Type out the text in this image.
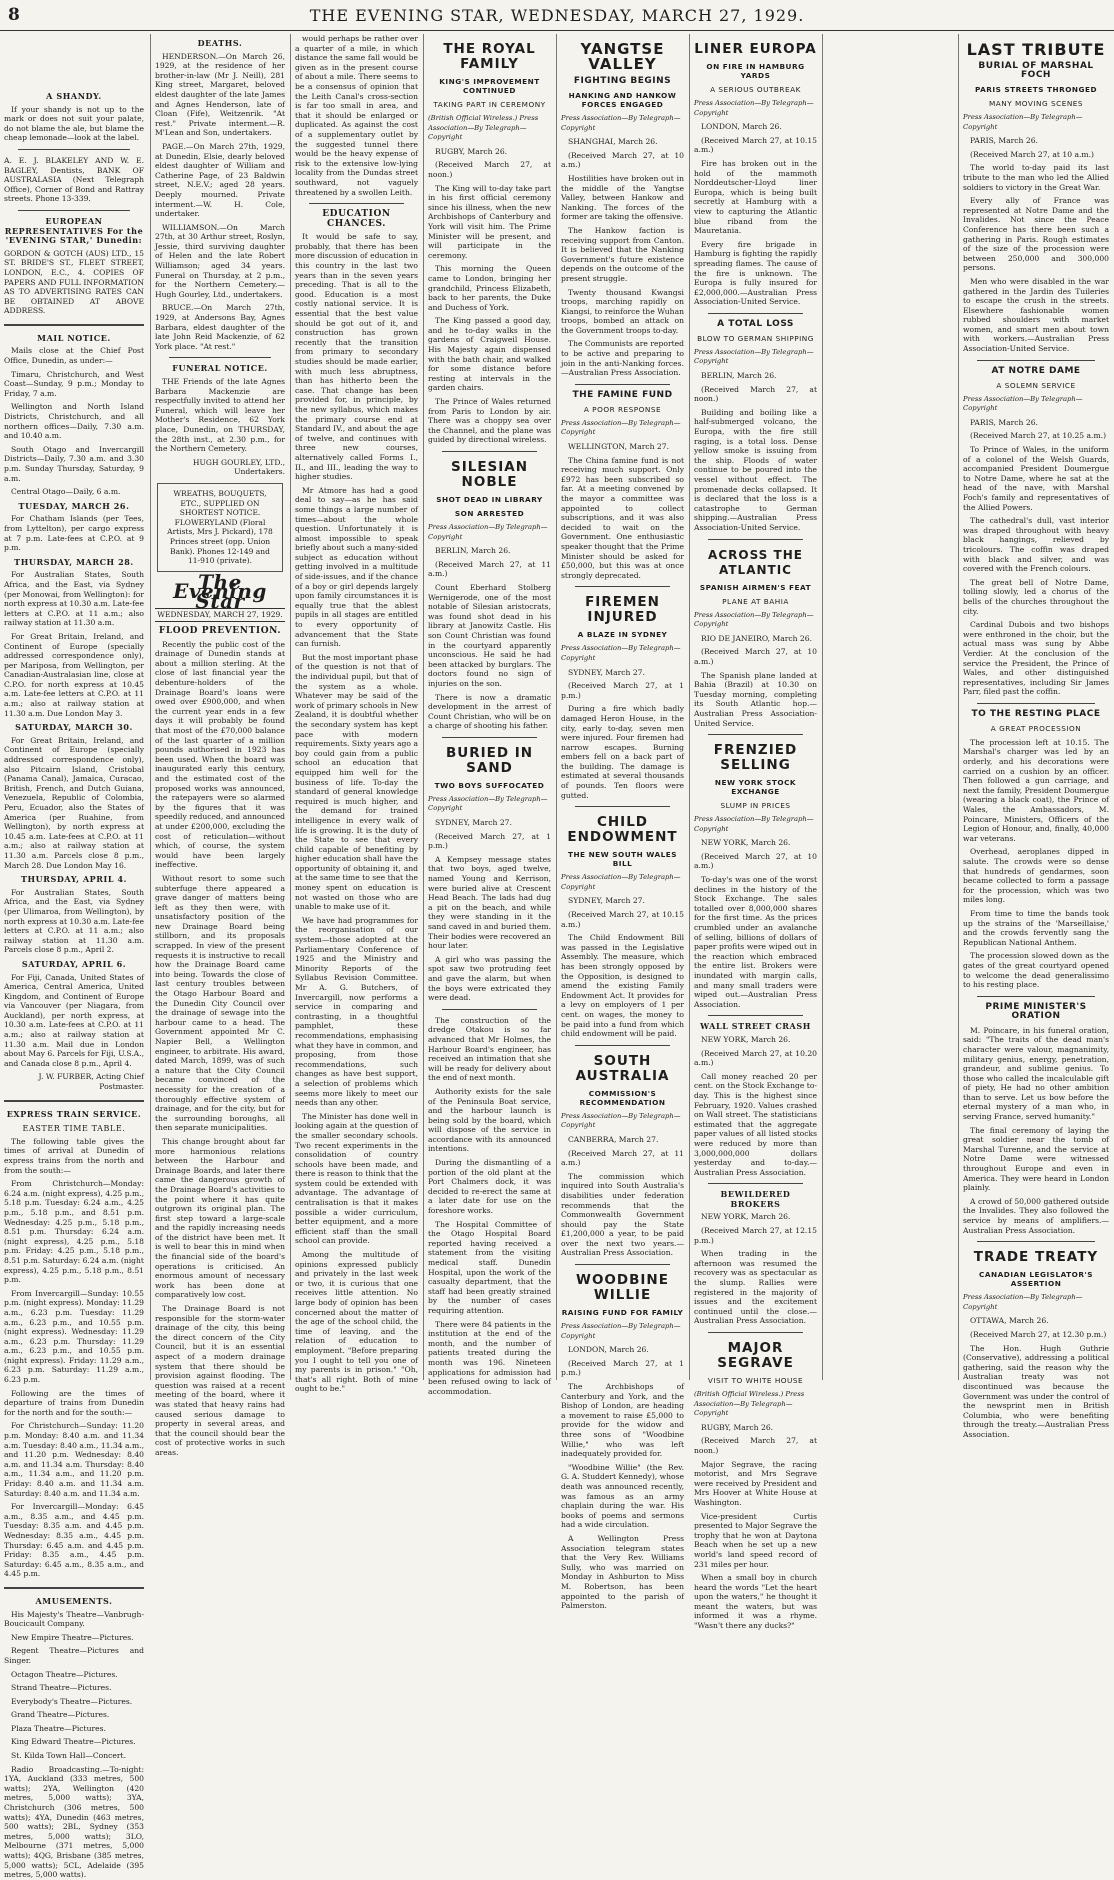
8	THE EVENING STAR, WEDNESDAY, MARCH 27, 1929.
A SHANDY.

If your shandy is not up to the mark or does not suit your palate, do not blame the ale, but blame the cheap lemonade—look at the label.

A. E. J. BLAKELEY AND W. E. BAGLEY, Dentists, BANK OF AUSTRALASIA (Next Telegraph Office), Corner of Bond and Rattray streets. Phone 13-339.

EUROPEAN REPRESENTATIVES For the 'EVENING STAR,' Dunedin:

GORDON & GOTCH (AUS) LTD., 15 ST. BRIDE'S ST., FLEET STREET, LONDON, E.C., 4. COPIES OF PAPERS AND FULL INFORMATION AS TO ADVERTISING RATES CAN BE OBTAINED AT ABOVE ADDRESS.

MAIL NOTICE.

Mails close at the Chief Post Office, Dunedin, as under:—

Timaru, Christchurch, and West Coast—Sunday, 9 p.m.; Monday to Friday, 7 a.m.

Wellington and North Island Districts, Christchurch, and all northern offices—Daily, 7.30 a.m. and 10.40 a.m.

South Otago and Invercargill Districts—Daily, 7.30 a.m. and 3.30 p.m. Sunday Thursday, Saturday, 9 a.m.

Central Otago—Daily, 6 a.m.

TUESDAY, MARCH 26.

For Chatham Islands (per Tees, from Lyttelton), per cargo express at 7 p.m. Late-fees at C.P.O. at 9 p.m.

THURSDAY, MARCH 28.

For Australian States, South Africa, and the East, via Sydney (per Monowai, from Wellington): for north express at 10.30 a.m. Late-fee letters at C.P.O. at 11 a.m.; also railway station at 11.30 a.m.

For Great Britain, Ireland, and Continent of Europe (specially addressed correspondence only), per Mariposa, from Wellington, per Canadian-Australasian line, close at C.P.O. for north express at 10.45 a.m. Late-fee letters at C.P.O. at 11 a.m.; also at railway station at 11.30 a.m. Due London May 3.

SATURDAY, MARCH 30.

For Great Britain, Ireland, and Continent of Europe (specially addressed correspondence only), also Pitcairn Island, Cristobal (Panama Canal), Jamaica, Curacao, British, French, and Dutch Guiana, Venezuela, Republic of Colombia, Peru, Ecuador, also the States of America (per Ruahine, from Wellington), by north express at 10.45 a.m. Late-fees at C.P.O. at 11 a.m.; also at railway station at 11.30 a.m. Parcels close 8 p.m., March 28. Due London May 16.

THURSDAY, APRIL 4.

For Australian States, South Africa, and the East, via Sydney (per Ulimaroa, from Wellington), by north express at 10.30 a.m. Late-fee letters at C.P.O. at 11 a.m.; also railway station at 11.30 a.m. Parcels close 8 p.m., April 2.

SATURDAY, APRIL 6.

For Fiji, Canada, United States of America, Central America, United Kingdom, and Continent of Europe via Vancouver (per Niagara, from Auckland), per north express, at 10.30 a.m. Late-fees at C.P.O. at 11 a.m.; also at railway station at 11.30 a.m. Mail due in London about May 6. Parcels for Fiji, U.S.A., and Canada close 8 p.m., April 4.

J. W. FURBER, Acting Chief Postmaster.

EXPRESS TRAIN SERVICE.
EASTER TIME TABLE.

The following table gives the times of arrival at Dunedin of express trains from the north and from the south:—

From Christchurch—Monday: 6.24 a.m. (night express), 4.25 p.m., 5.18 p.m. Tuesday: 6.24 a.m., 4.25 p.m., 5.18 p.m., and 8.51 p.m. Wednesday: 4.25 p.m., 5.18 p.m., 8.51 p.m. Thursday: 6.24 a.m. (night express), 4.25 p.m., 5.18 p.m. Friday: 4.25 p.m., 5.18 p.m., 8.51 p.m. Saturday: 6.24 a.m. (night express), 4.25 p.m., 5.18 p.m., 8.51 p.m.

From Invercargill—Sunday: 10.55 p.m. (night express). Monday: 11.29 a.m., 6.23 p.m. Tuesday: 11.29 a.m., 6.23 p.m., and 10.55 p.m. (night express). Wednesday: 11.29 a.m., 6.23 p.m. Thursday: 11.29 a.m., 6.23 p.m., and 10.55 p.m. (night express). Friday: 11.29 a.m., 6.23 p.m. Saturday: 11.29 a.m., 6.23 p.m.

Following are the times of departure of trains from Dunedin for the north and for the south:—

For Christchurch—Sunday: 11.20 p.m. Monday: 8.40 a.m. and 11.34 a.m. Tuesday: 8.40 a.m., 11.34 a.m., and 11.20 p.m. Wednesday: 8.40 a.m. and 11.34 a.m. Thursday: 8.40 a.m., 11.34 a.m., and 11.20 p.m. Friday: 8.40 a.m. and 11.34 a.m. Saturday: 8.40 a.m. and 11.34 a.m.

For Invercargill—Monday: 6.45 a.m., 8.35 a.m., and 4.45 p.m. Tuesday: 8.35 a.m. and 4.45 p.m. Wednesday: 8.35 a.m., 4.45 p.m. Thursday: 6.45 a.m. and 4.45 p.m. Friday: 8.35 a.m., 4.45 p.m. Saturday: 6.45 a.m., 8.35 a.m., and 4.45 p.m.

AMUSEMENTS.

His Majesty's Theatre—Vanbrugh-Boucicault Company.

New Empire Theatre—Pictures.

Regent Theatre—Pictures and Singer.

Octagon Theatre—Pictures.

Strand Theatre—Pictures.

Everybody's Theatre—Pictures.

Grand Theatre—Pictures.

Plaza Theatre—Pictures.

King Edward Theatre—Pictures.

St. Kilda Town Hall—Concert.

Radio Broadcasting.—To-night: 1YA, Auckland (333 metres, 500 watts); 2YA, Wellington (420 metres, 5,000 watts); 3YA, Christchurch (306 metres, 500 watts); 4YA, Dunedin (463 metres, 500 watts); 2BL, Sydney (353 metres, 5,000 watts); 3LO, Melbourne (371 metres, 5,000 watts); 4QG, Brisbane (385 metres, 5,000 watts); 5CL, Adelaide (395 metres, 5,000 watts).

DEATHS.

HENDERSON.—On March 26, 1929, at the residence of her brother-in-law (Mr J. Neill), 281 King street, Margaret, beloved eldest daughter of the late James and Agnes Henderson, late of Cloan (Fife), Weitzenrik. "At rest." Private interment.—R. M'Lean and Son, undertakers.

PAGE.—On March 27th, 1929, at Dunedin, Elsie, dearly beloved eldest daughter of William and Catherine Page, of 23 Baldwin street, N.E.V.; aged 28 years. Deeply mourned. Private interment.—W. H. Cole, undertaker.

WILLIAMSON.—On March 27th, at 30 Arthur street, Roslyn, Jessie, third surviving daughter of Helen and the late Robert Williamson; aged 34 years. Funeral on Thursday, at 2 p.m., for the Northern Cemetery.—Hugh Gourley, Ltd., undertakers.

BRUCE.—On March 27th, 1929, at Andersons Bay, Agnes Barbara, eldest daughter of the late John Reid Mackenzie, of 62 York place. "At rest."

FUNERAL NOTICE.

THE Friends of the late Agnes Barbara Mackenzie are respectfully invited to attend her Funeral, which will leave her Mother's Residence, 62 York place, Dunedin, on THURSDAY, the 28th inst., at 2.30 p.m., for the Northern Cemetery.

HUGH GOURLEY, LTD., Undertakers.

WREATHS, BOUQUETS, ETC., SUPPLIED ON SHORTEST NOTICE. FLOWERYLAND (Floral Artists, Mrs J. Pickard), 178 Princes street (opp. Union Bank). Phones 12-149 and 11-910 (private).
The Evening Star
WEDNESDAY, MARCH 27, 1929.
FLOOD PREVENTION.

Recently the public cost of the drainage of Dunedin stands at about a million sterling. At the close of last financial year the debenture-holders of the Drainage Board's loans were owed over £900,000, and when the current year ends in a few days it will probably be found that most of the £70,000 balance of the last quarter of a million pounds authorised in 1923 has been used. When the board was inaugurated early this century, and the estimated cost of the proposed works was announced, the ratepayers were so alarmed by the figures that it was speedily reduced, and announced at under £200,000, excluding the cost of reticulation—without which, of course, the system would have been largely ineffective.

Without resort to some such subterfuge there appeared a grave danger of matters being left as they then were, with unsatisfactory position of the new Drainage Board being stillborn, and its proposals scrapped. In view of the present requests it is instructive to recall how the Drainage Board came into being. Towards the close of last century troubles between the Otago Harbour Board and the Dunedin City Council over the drainage of sewage into the harbour came to a head. The Government appointed Mr C. Napier Bell, a Wellington engineer, to arbitrate. His award, dated March, 1899, was of such a nature that the City Council became convinced of the necessity for the creation of a thoroughly effective system of drainage, and for the city, but for the surrounding boroughs, all then separate municipalities.

This change brought about far more harmonious relations between the Harbour and Drainage Boards, and later there came the dangerous growth of the Drainage Board's activities to the point where it has quite outgrown its original plan. The first step toward a large-scale and the rapidly increasing needs of the district have been met. It is well to bear this in mind when the financial side of the board's operations is criticised. An enormous amount of necessary work has been done at comparatively low cost.

The Drainage Board is not responsible for the storm-water drainage of the city, this being the direct concern of the City Council, but it is an essential aspect of a modern drainage system that there should be provision against flooding. The question was raised at a recent meeting of the board, where it was stated that heavy rains had caused serious damage to property in several areas, and that the council should bear the cost of protective works in such areas.

would perhaps be rather over a quarter of a mile, in which distance the same fall would be given as in the present course of about a mile. There seems to be a consensus of opinion that the Leith Canal's cross-section is far too small in area, and that it should be enlarged or duplicated. As against the cost of a supplementary outlet by the suggested tunnel there would be the heavy expense of risk to the extensive low-lying locality from the Dundas street southward, not vaguely threatened by a swollen Leith.

EDUCATION CHANCES.

It would be safe to say, probably, that there has been more discussion of education in this country in the last two years than in the seven years preceding. That is all to the good. Education is a most costly national service. It is essential that the best value should be got out of it, and construction has grown recently that the transition from primary to secondary studies should be made earlier, with much less abruptness, than has hitherto been the case. That change has been provided for, in principle, by the new syllabus, which makes the primary course end at Standard IV., and about the age of twelve, and continues with three new courses, alternatively called Forms I., II., and III., leading the way to higher studies.

Mr Atmore has had a good deal to say—as he has said some things a large number of times—about the whole question. Unfortunately it is almost impossible to speak briefly about such a many-sided subject as education without getting involved in a multitude of side-issues, and if the chance of a boy or girl depends largely upon family circumstances it is equally true that the ablest pupils in all stages are entitled to every opportunity of advancement that the State can furnish.

But the most important phase of the question is not that of the individual pupil, but that of the system as a whole. Whatever may be said of the work of primary schools in New Zealand, it is doubtful whether the secondary system has kept pace with modern requirements. Sixty years ago a boy could gain from a public school an education that equipped him well for the business of life. To-day the standard of general knowledge required is much higher, and the demand for trained intelligence in every walk of life is growing. It is the duty of the State to see that every child capable of benefiting by higher education shall have the opportunity of obtaining it, and at the same time to see that the money spent on education is not wasted on those who are unable to make use of it.

We have had programmes for the reorganisation of our system—those adopted at the Parliamentary Conference of 1925 and the Ministry and Minority Reports of the Syllabus Revision Committee. Mr A. G. Butchers, of Invercargill, now performs a service in comparing and contrasting, in a thoughtful pamphlet, these recommendations, emphasising what they have in common, and proposing, from those recommendations, such changes as have best support, a selection of problems which seems more likely to meet our needs than any other.

The Minister has done well in looking again at the question of the smaller secondary schools. Two recent experiments in the consolidation of country schools have been made, and there is reason to think that the system could be extended with advantage. The advantage of centralisation is that it makes possible a wider curriculum, better equipment, and a more efficient staff than the small school can provide.

Among the multitude of opinions expressed publicly and privately in the last week or two, it is curious that one receives little attention. No large body of opinion has been concerned about the matter of the age of the school child, the time of leaving, and the relation of education to employment. "Before preparing you I ought to tell you one of my parents is in prison." "Oh, that's all right. Both of mine ought to be."

THE ROYAL FAMILY
KING'S IMPROVEMENT CONTINUED
TAKING PART IN CEREMONY
(British Official Wireless.) Press Association—By Telegraph—Copyright

RUGBY, March 26.

(Received March 27, at noon.)

The King will to-day take part in his first official ceremony since his illness, when the new Archbishops of Canterbury and York will visit him. The Prime Minister will be present, and will participate in the ceremony.

This morning the Queen came to London, bringing her grandchild, Princess Elizabeth, back to her parents, the Duke and Duchess of York.

The King passed a good day, and he to-day walks in the gardens of Craigweil House. His Majesty again dispensed with the bath chair, and walked for some distance before resting at intervals in the garden chairs.

The Prince of Wales returned from Paris to London by air. There was a choppy sea over the Channel, and the plane was guided by directional wireless.

SILESIAN NOBLE
SHOT DEAD IN LIBRARY
SON ARRESTED
Press Association—By Telegraph—Copyright

BERLIN, March 26.

(Received March 27, at 11 a.m.)

Count Eberhard Stolberg Wernigerode, one of the most notable of Silesian aristocrats, was found shot dead in his library at Janowitz Castle. His son Count Christian was found in the courtyard apparently unconscious. He said he had been attacked by burglars. The doctors found no sign of injuries on the son.

There is now a dramatic development in the arrest of Count Christian, who will be on a charge of shooting his father.

BURIED IN SAND
TWO BOYS SUFFOCATED
Press Association—By Telegraph—Copyright

SYDNEY, March 27.

(Received March 27, at 1 p.m.)

A Kempsey message states that two boys, aged twelve, named Young and Kerrison, were buried alive at Crescent Head Beach. The lads had dug a pit on the beach, and while they were standing in it the sand caved in and buried them. Their bodies were recovered an hour later.

A girl who was passing the spot saw two protruding feet and gave the alarm, but when the boys were extricated they were dead.

The construction of the dredge Otakou is so far advanced that Mr Holmes, the Harbour Board's engineer, has received an intimation that she will be ready for delivery about the end of next month.

Authority exists for the sale of the Peninsula Boat service, and the harbour launch is being sold by the board, which will dispose of the service in accordance with its announced intentions.

During the dismantling of a portion of the old plant at the Port Chalmers dock, it was decided to re-erect the same at a later date for use on the foreshore works.

The Hospital Committee of the Otago Hospital Board reported having received a statement from the visiting medical staff. Dunedin Hospital, upon the work of the casualty department, that the staff had been greatly strained by the number of cases requiring attention.

There were 84 patients in the institution at the end of the month, and the number of patients treated during the month was 196. Nineteen applications for admission had been refused owing to lack of accommodation.

YANGTSE VALLEY
FIGHTING BEGINS
HANKING AND HANKOW FORCES ENGAGED
Press Association—By Telegraph—Copyright

SHANGHAI, March 26.

(Received March 27, at 10 a.m.)

Hostilities have broken out in the middle of the Yangtse Valley, between Hankow and Nanking. The forces of the former are taking the offensive.

The Hankow faction is receiving support from Canton. It is believed that the Nanking Government's future existence depends on the outcome of the present struggle.

Twenty thousand Kwangsi troops, marching rapidly on Kiangsi, to reinforce the Wuhan troops, bombed an attack on the Government troops to-day.

The Communists are reported to be active and preparing to join in the anti-Nanking forces.—Australian Press Association.

THE FAMINE FUND
A POOR RESPONSE
Press Association—By Telegraph—Copyright

WELLINGTON, March 27.

The China famine fund is not receiving much support. Only £972 has been subscribed so far. At a meeting convened by the mayor a committee was appointed to collect subscriptions, and it was also decided to wait on the Government. One enthusiastic speaker thought that the Prime Minister should be asked for £50,000, but this was at once strongly deprecated.

FIREMEN INJURED
A BLAZE IN SYDNEY
Press Association—By Telegraph—Copyright

SYDNEY, March 27.

(Received March 27, at 1 p.m.)

During a fire which badly damaged Heron House, in the city, early to-day, seven men were injured. Four firemen had narrow escapes. Burning embers fell on a back part of the building. The damage is estimated at several thousands of pounds. Ten floors were gutted.

CHILD ENDOWMENT
THE NEW SOUTH WALES BILL
Press Association—By Telegraph—Copyright

SYDNEY, March 27.

(Received March 27, at 10.15 a.m.)

The Child Endowment Bill was passed in the Legislative Assembly. The measure, which has been strongly opposed by the Opposition, is designed to amend the existing Family Endowment Act. It provides for a levy on employers of 1 per cent. on wages, the money to be paid into a fund from which child endowment will be paid.

SOUTH AUSTRALIA
COMMISSION'S RECOMMENDATION
Press Association—By Telegraph—Copyright

CANBERRA, March 27.

(Received March 27, at 11 a.m.)

The commission which inquired into South Australia's disabilities under federation recommends that the Commonwealth Government should pay the State £1,200,000 a year, to be paid over the next two years.—Australian Press Association.

WOODBINE WILLIE
RAISING FUND FOR FAMILY
Press Association—By Telegraph—Copyright

LONDON, March 26.

(Received March 27, at 1 p.m.)

The Archbishops of Canterbury and York, and the Bishop of London, are heading a movement to raise £5,000 to provide for the widow and three sons of "Woodbine Willie," who was left inadequately provided for.

"Woodbine Willie" (the Rev. G. A. Studdert Kennedy), whose death was announced recently, was famous as an army chaplain during the war. His books of poems and sermons had a wide circulation.

A Wellington Press Association telegram states that the Very Rev. Williams Sully, who was married on Monday in Ashburton to Miss M. Robertson, has been appointed to the parish of Palmerston.

LINER EUROPA
ON FIRE IN HAMBURG YARDS
A SERIOUS OUTBREAK
Press Association—By Telegraph—Copyright

LONDON, March 26.

(Received March 27, at 10.15 a.m.)

Fire has broken out in the hold of the mammoth Norddeutscher-Lloyd liner Europa, which is being built secretly at Hamburg with a view to capturing the Atlantic blue riband from the Mauretania.

Every fire brigade in Hamburg is fighting the rapidly spreading flames. The cause of the fire is unknown. The Europa is fully insured for £2,000,000.—Australian Press Association-United Service.

A TOTAL LOSS
BLOW TO GERMAN SHIPPING
Press Association—By Telegraph—Copyright

BERLIN, March 26.

(Received March 27, at noon.)

Building and boiling like a half-submerged volcano, the Europa, with the fire still raging, is a total loss. Dense yellow smoke is issuing from the ship. Floods of water continue to be poured into the vessel without effect. The promenade decks collapsed. It is declared that the loss is a catastrophe to German shipping.—Australian Press Association-United Service.

ACROSS THE ATLANTIC
SPANISH AIRMEN'S FEAT
PLANE AT BAHIA
Press Association—By Telegraph—Copyright

RIO DE JANEIRO, March 26.

(Received March 27, at 10 a.m.)

The Spanish plane landed at Bahia (Brazil) at 10.30 on Tuesday morning, completing its South Atlantic hop.—Australian Press Association-United Service.

FRENZIED SELLING
NEW YORK STOCK EXCHANGE
SLUMP IN PRICES
Press Association—By Telegraph—Copyright

NEW YORK, March 26.

(Received March 27, at 10 a.m.)

To-day's was one of the worst declines in the history of the Stock Exchange. The sales totalled over 8,000,000 shares for the first time. As the prices crumbled under an avalanche of selling, billions of dollars of paper profits were wiped out in the reaction which embraced the entire list. Brokers were inundated with margin calls, and many small traders were wiped out.—Australian Press Association.

WALL STREET CRASH

NEW YORK, March 26.

(Received March 27, at 10.20 a.m.)

Call money reached 20 per cent. on the Stock Exchange to-day. This is the highest since February, 1920. Values crashed on Wall street. The statisticians estimated that the aggregate paper values of all listed stocks were reduced by more than 3,000,000,000 dollars yesterday and to-day.—Australian Press Association.

BEWILDERED BROKERS

NEW YORK, March 26.

(Received March 27, at 12.15 p.m.)

When trading in the afternoon was resumed the recovery was as spectacular as the slump. Rallies were registered in the majority of issues and the excitement continued until the close.—Australian Press Association.

MAJOR SEGRAVE
VISIT TO WHITE HOUSE
(British Official Wireless.) Press Association—By Telegraph—Copyright

RUGBY, March 26.

(Received March 27, at noon.)

Major Segrave, the racing motorist, and Mrs Segrave were received by President and Mrs Hoover at White House at Washington.

Vice-president Curtis presented to Major Segrave the trophy that he won at Daytona Beach when he set up a new world's land speed record of 231 miles per hour.

When a small boy in church heard the words "Let the heart upon the waters," he thought it meant the waters, but was informed it was a rhyme. "Wasn't there any ducks?"

LAST TRIBUTE
BURIAL OF MARSHAL FOCH
PARIS STREETS THRONGED
MANY MOVING SCENES
Press Association—By Telegraph—Copyright

PARIS, March 26.

(Received March 27, at 10 a.m.)

The world to-day paid its last tribute to the man who led the Allied soldiers to victory in the Great War.

Every ally of France was represented at Notre Dame and the Invalides. Not since the Peace Conference has there been such a gathering in Paris. Rough estimates of the size of the procession were between 250,000 and 300,000 persons.

Men who were disabled in the war gathered in the Jardin des Tuileries to escape the crush in the streets. Elsewhere fashionable women rubbed shoulders with market women, and smart men about town with workers.—Australian Press Association-United Service.

AT NOTRE DAME
A SOLEMN SERVICE
Press Association—By Telegraph—Copyright

PARIS, March 26.

(Received March 27, at 10.25 a.m.)

To Prince of Wales, in the uniform of a colonel of the Welsh Guards, accompanied President Doumergue to Notre Dame, where he sat at the head of the nave, with Marshal Foch's family and representatives of the Allied Powers.

The cathedral's dull, vast interior was draped throughout with heavy black hangings, relieved by tricolours. The coffin was draped with black and silver, and was covered with the French colours.

The great bell of Notre Dame, tolling slowly, led a chorus of the bells of the churches throughout the city.

Cardinal Dubois and two bishops were enthroned in the choir, but the actual mass was sung by Abbe Verdier. At the conclusion of the service the President, the Prince of Wales, and other distinguished representatives, including Sir James Parr, filed past the coffin.

TO THE RESTING PLACE
A GREAT PROCESSION

The procession left at 10.15. The Marshal's charger was led by an orderly, and his decorations were carried on a cushion by an officer. Then followed a gun carriage, and next the family, President Doumergue (wearing a black coat), the Prince of Wales, the Ambassadors, M. Poincare, Ministers, Officers of the Legion of Honour, and, finally, 40,000 war veterans.

Overhead, aeroplanes dipped in salute. The crowds were so dense that hundreds of gendarmes, soon became collected to form a passage for the procession, which was two miles long.

From time to time the bands took up the strains of the 'Marseillaise,' and the crowds fervently sang the Republican National Anthem.

The procession slowed down as the gates of the great courtyard opened to welcome the dead generalissimo to his resting place.

PRIME MINISTER'S ORATION

M. Poincare, in his funeral oration, said: "The traits of the dead man's character were valour, magnanimity, military genius, energy, penetration, grandeur, and sublime genius. To those who called the incalculable gift of piety, He had no other ambition than to serve. Let us bow before the eternal mystery of a man who, in serving France, served humanity."

The final ceremony of laying the great soldier near the tomb of Marshal Turenne, and the service at Notre Dame were witnessed throughout Europe and even in America. They were heard in London plainly.

A crowd of 50,000 gathered outside the Invalides. They also followed the service by means of amplifiers.—Australian Press Association.

TRADE TREATY
CANADIAN LEGISLATOR'S ASSERTION
Press Association—By Telegraph—Copyright

OTTAWA, March 26.

(Received March 27, at 12.30 p.m.)

The Hon. Hugh Guthrie (Conservative), addressing a political gathering, said the reason why the Australian treaty was not discontinued was because the Government was under the control of the newsprint men in British Columbia, who were benefiting through the treaty.—Australian Press Association.
